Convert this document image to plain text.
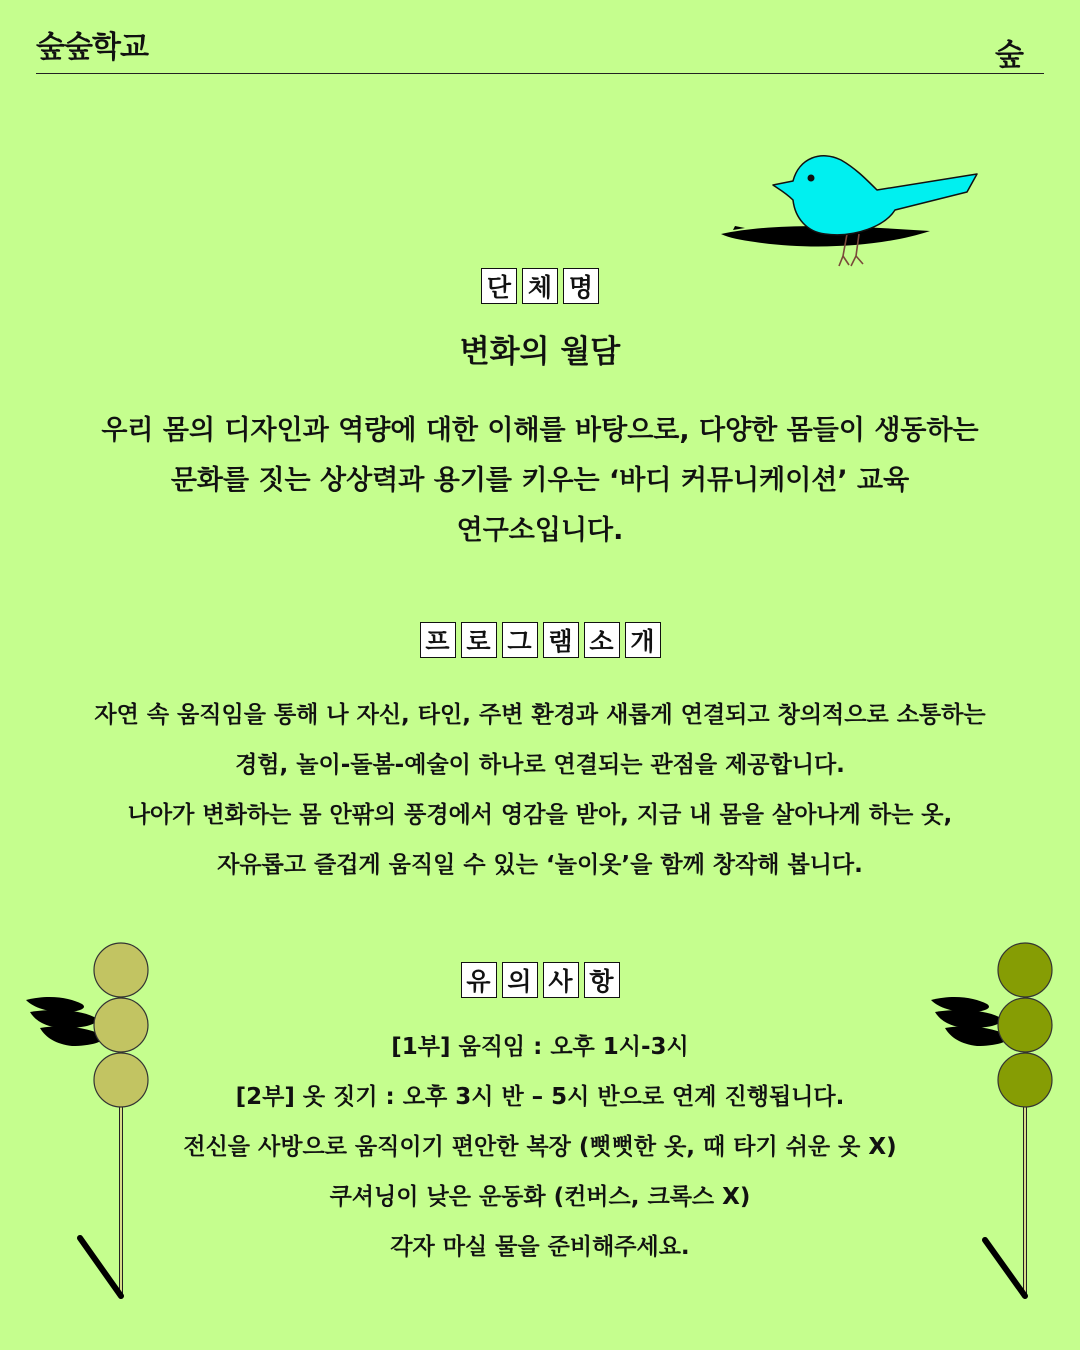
숲숲학교	숲
단 체 명
변화의 월담
우리 몸의 디자인과 역량에 대한 이해를 바탕으로, 다양한 몸들이 생동하는
문화를 짓는 상상력과 용기를 키우는 ‘바디 커뮤니케이션’ 교육
연구소입니다.
프 로 그 램 소 개
자연 속 움직임을 통해 나 자신, 타인, 주변 환경과 새롭게 연결되고 창의적으로 소통하는
경험, 놀이-돌봄-예술이 하나로 연결되는 관점을 제공합니다.
나아가 변화하는 몸 안팎의 풍경에서 영감을 받아, 지금 내 몸을 살아나게 하는 옷,
자유롭고 즐겁게 움직일 수 있는 ‘놀이옷’을 함께 창작해 봅니다.
유 의 사 항
[1부] 움직임 : 오후 1시-3시
[2부] 옷 짓기 : 오후 3시 반 – 5시 반으로 연계 진행됩니다.
전신을 사방으로 움직이기 편안한 복장 (뻣뻣한 옷, 때 타기 쉬운 옷 X)
쿠셔닝이 낮은 운동화 (컨버스, 크록스 X)
각자 마실 물을 준비해주세요.
